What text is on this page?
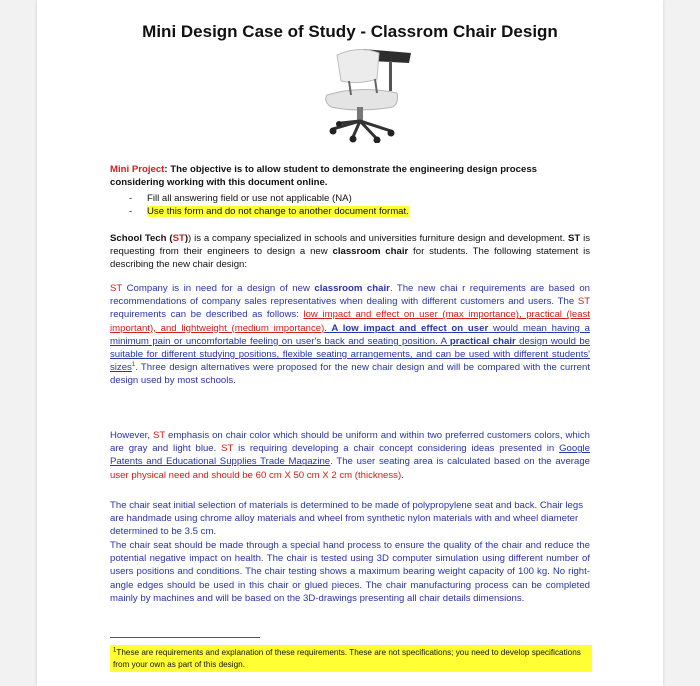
Mini Design Case of Study - Classrom Chair Design
Mini Project: The objective is to allow student to demonstrate the engineering design process considering working with this document online.
- Fill all answering field or use not applicable (NA)
- Use this form and do not change to another document format.
School Tech (ST)) is a company specialized in schools and universities furniture design and development. ST is requesting from their engineers to design a new classroom chair for students. The following statement is describing the new chair design:
ST Company is in need for a design of new classroom chair. The new chai r requirements are based on recommendations of company sales representatives when dealing with different customers and users. The ST requirements can be described as follows: low impact and effect on user (max importance), practical (least important), and lightweight (medium importance). A low impact and effect on user would mean having a minimum pain or uncomfortable feeling on user's back and seating position. A practical chair design would be suitable for different studying positions, flexible seating arrangements, and can be used with different students' sizes$^1$. Three design alternatives were proposed for the new chair design and will be compared with the current design used by most schools.
However, ST emphasis on chair color which should be uniform and within two preferred customers colors, which are gray and light blue. ST is requiring developing a chair concept considering ideas presented in Google Patents and Educational Supplies Trade Magazine. The user seating area is calculated based on the average user physical need and should be 60 cm X 50 cm X 2 cm (thickness).
The chair seat initial selection of materials is determined to be made of polypropylene seat and back. Chair legs are handmade using chrome alloy materials and wheel from synthetic nylon materials with and wheel diameter determined to be 3.5 cm.
The chair seat should be made through a special hand process to ensure the quality of the chair and reduce the potential negative impact on health. The chair is tested using 3D computer simulation using different number of users positions and conditions. The chair testing shows a maximum bearing weight capacity of 100 kg. No right-angle edges should be used in this chair or glued pieces. The chair manufacturing process can be completed mainly by machines and will be based on the 3D-drawings presenting all chair details dimensions.
$^1$These are requirements and explanation of these requirements. These are not specifications; you need to develop specifications from your own as part of this design.
